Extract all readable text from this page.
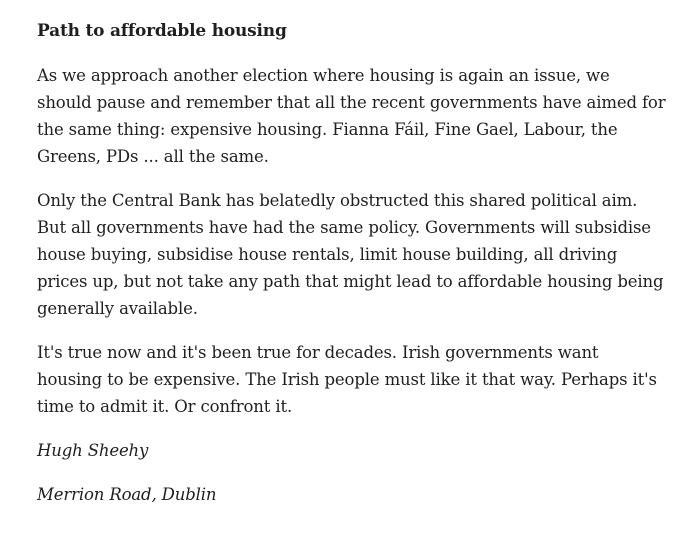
Path to affordable housing

As we approach another election where housing is again an issue, we should pause and remember that all the recent governments have aimed for the same thing: expensive housing. Fianna Fáil, Fine Gael, Labour, the Greens, PDs ... all the same.

Only the Central Bank has belatedly obstructed this shared political aim. But all governments have had the same policy. Governments will subsidise house buying, subsidise house rentals, limit house building, all driving prices up, but not take any path that might lead to affordable housing being generally available.

It's true now and it's been true for decades. Irish governments want housing to be expensive. The Irish people must like it that way. Perhaps it's time to admit it. Or confront it.

Hugh Sheehy

Merrion Road, Dublin
